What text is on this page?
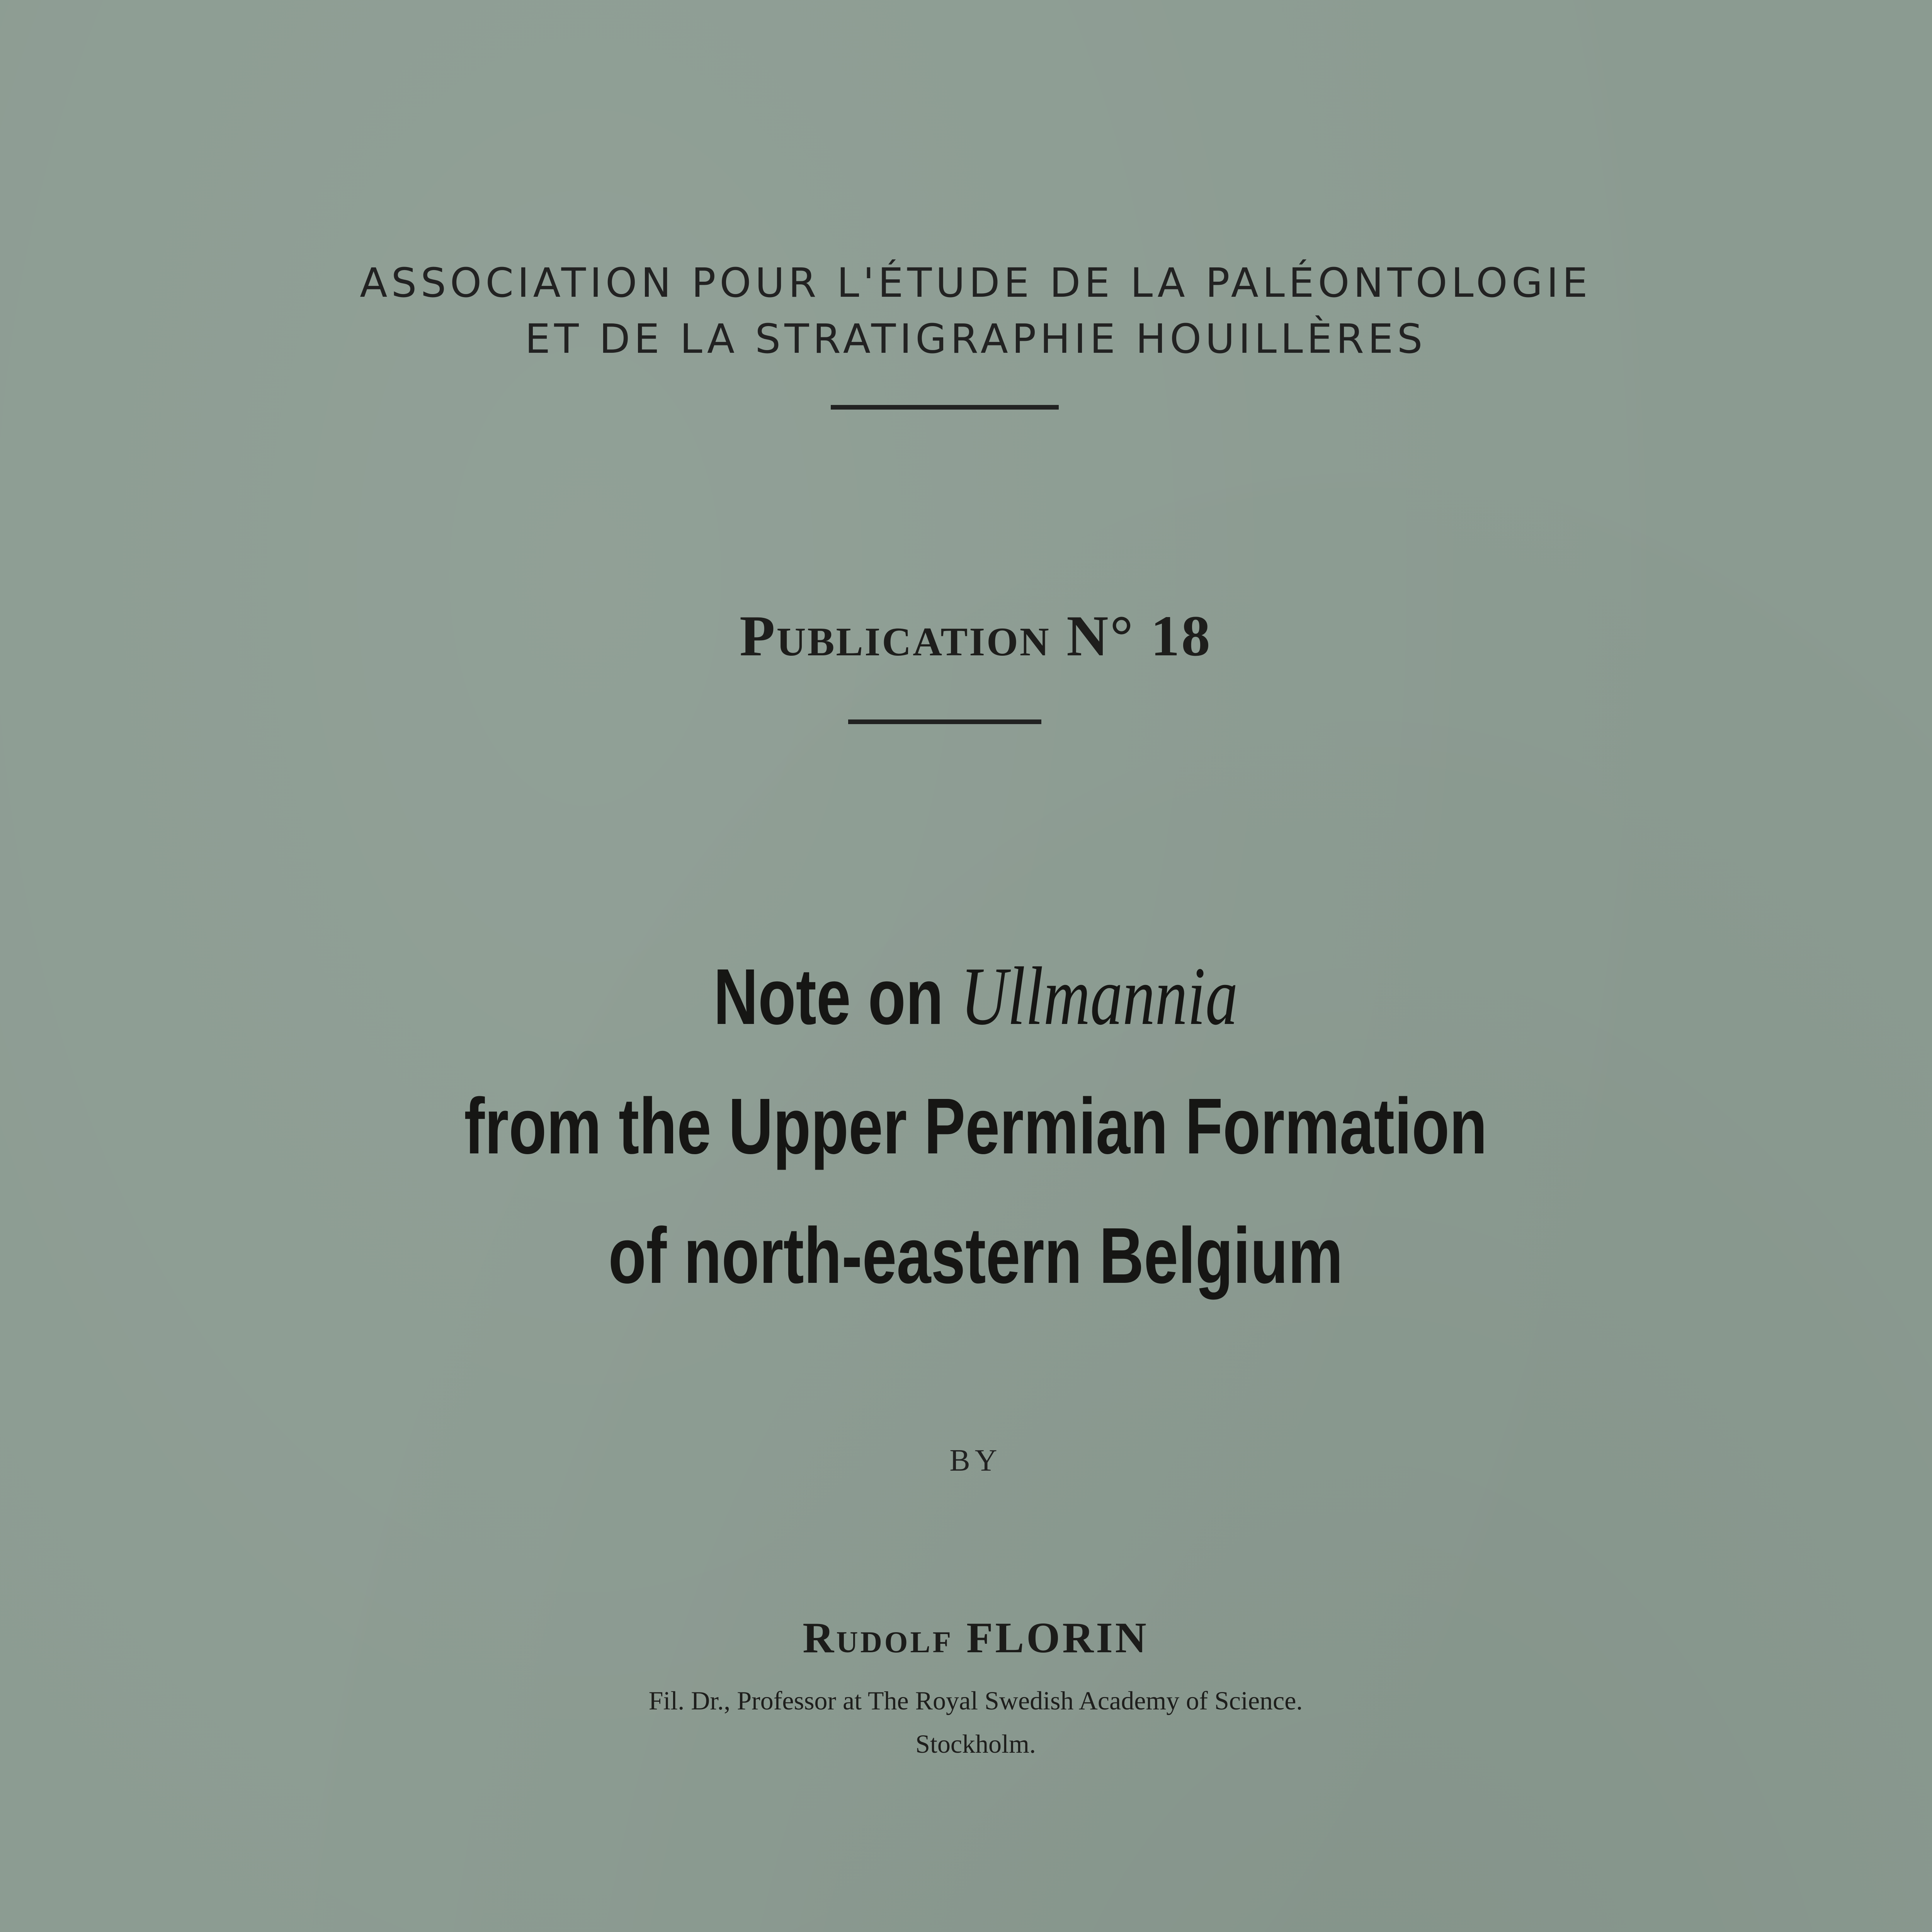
ASSOCIATION POUR L'ÉTUDE DE LA PALÉONTOLOGIE
ET DE LA STRATIGRAPHIE HOUILLÈRES
Publication N° 18
Note on Ullmannia
from the Upper Permian Formation
of north-eastern Belgium
BY
Rudolf FLORIN
Fil. Dr., Professor at The Royal Swedish Academy of Science.
Stockholm.
